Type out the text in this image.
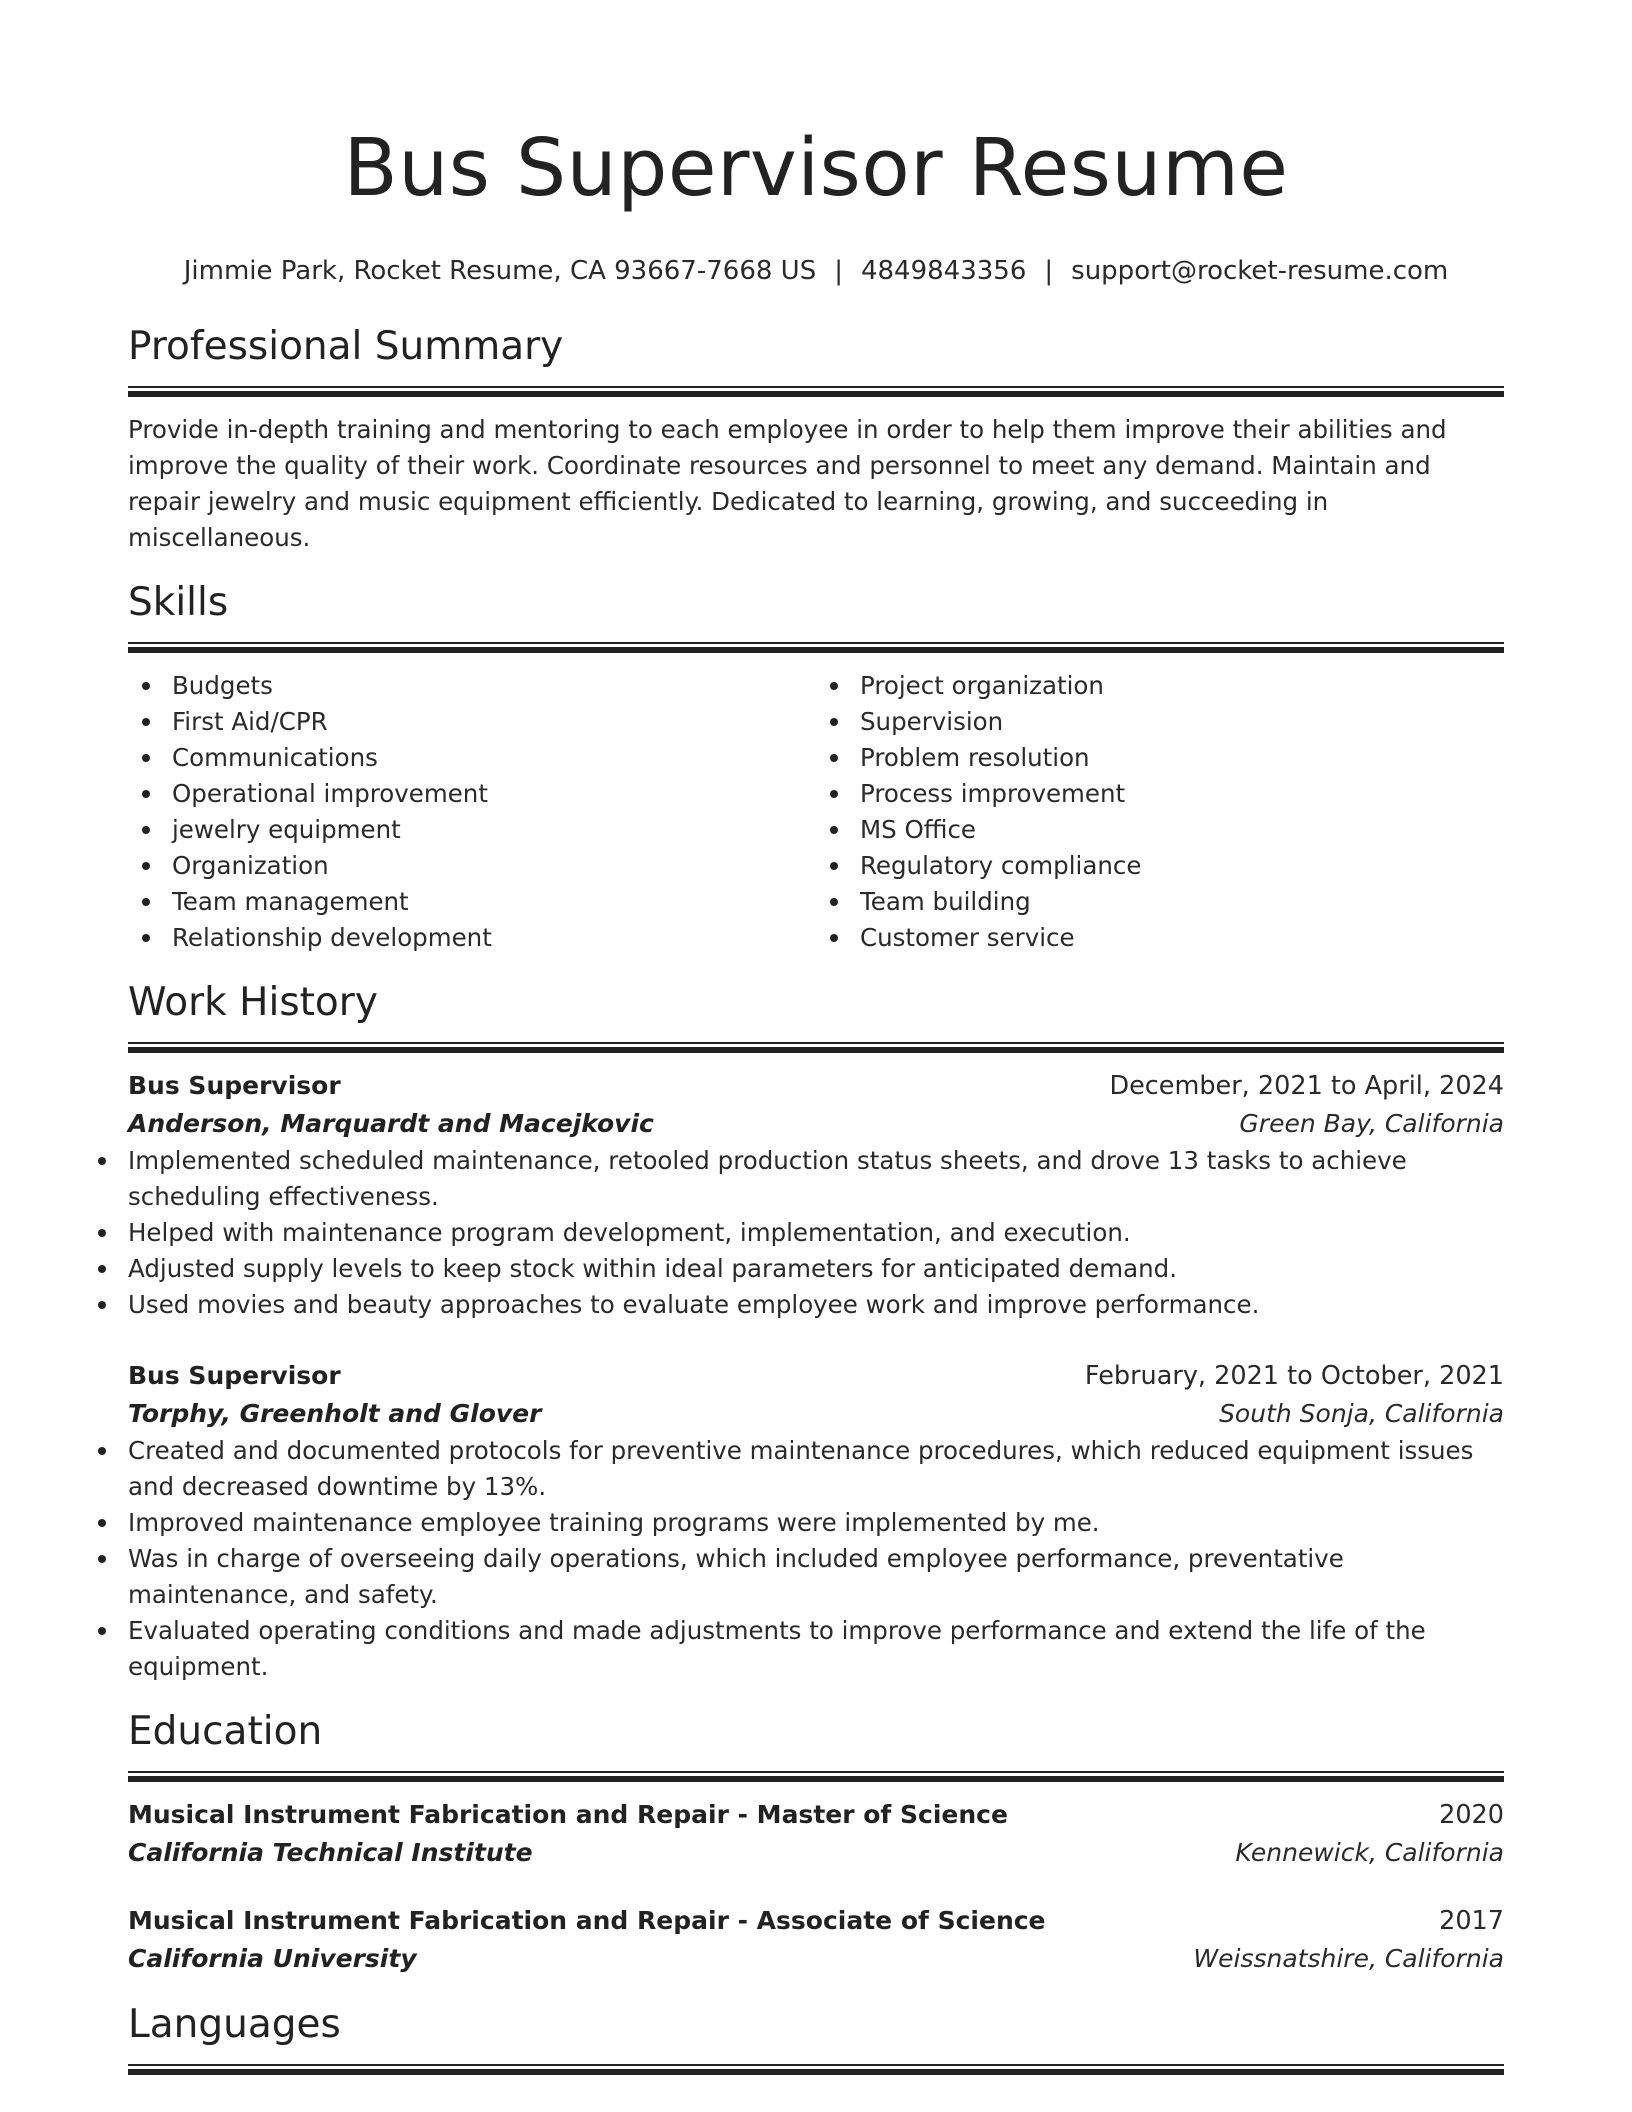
Bus Supervisor Resume
Jimmie Park, Rocket Resume, CA 93667-7668 US | 4849843356 | support@rocket-resume.com
Professional Summary

Provide in-depth training and mentoring to each employee in order to help them improve their abilities and improve the quality of their work. Coordinate resources and personnel to meet any demand. Maintain and repair jewelry and music equipment efficiently. Dedicated to learning, growing, and succeeding in miscellaneous.

Skills
Budgets
First Aid/CPR
Communications
Operational improvement
jewelry equipment
Organization
Team management
Relationship development
Project organization
Supervision
Problem resolution
Process improvement
MS Office
Regulatory compliance
Team building
Customer service
Work History
Bus Supervisor	December, 2021 to April, 2024
Anderson, Marquardt and Macejkovic	Green Bay, California
Implemented scheduled maintenance, retooled production status sheets, and drove 13 tasks to achieve scheduling effectiveness.
Helped with maintenance program development, implementation, and execution.
Adjusted supply levels to keep stock within ideal parameters for anticipated demand.
Used movies and beauty approaches to evaluate employee work and improve performance.
Bus Supervisor	February, 2021 to October, 2021
Torphy, Greenholt and Glover	South Sonja, California
Created and documented protocols for preventive maintenance procedures, which reduced equipment issues and decreased downtime by 13%.
Improved maintenance employee training programs were implemented by me.
Was in charge of overseeing daily operations, which included employee performance, preventative maintenance, and safety.
Evaluated operating conditions and made adjustments to improve performance and extend the life of the equipment.
Education
Musical Instrument Fabrication and Repair - Master of Science	2020
California Technical Institute	Kennewick, California
Musical Instrument Fabrication and Repair - Associate of Science	2017
California University	Weissnatshire, California
Languages
